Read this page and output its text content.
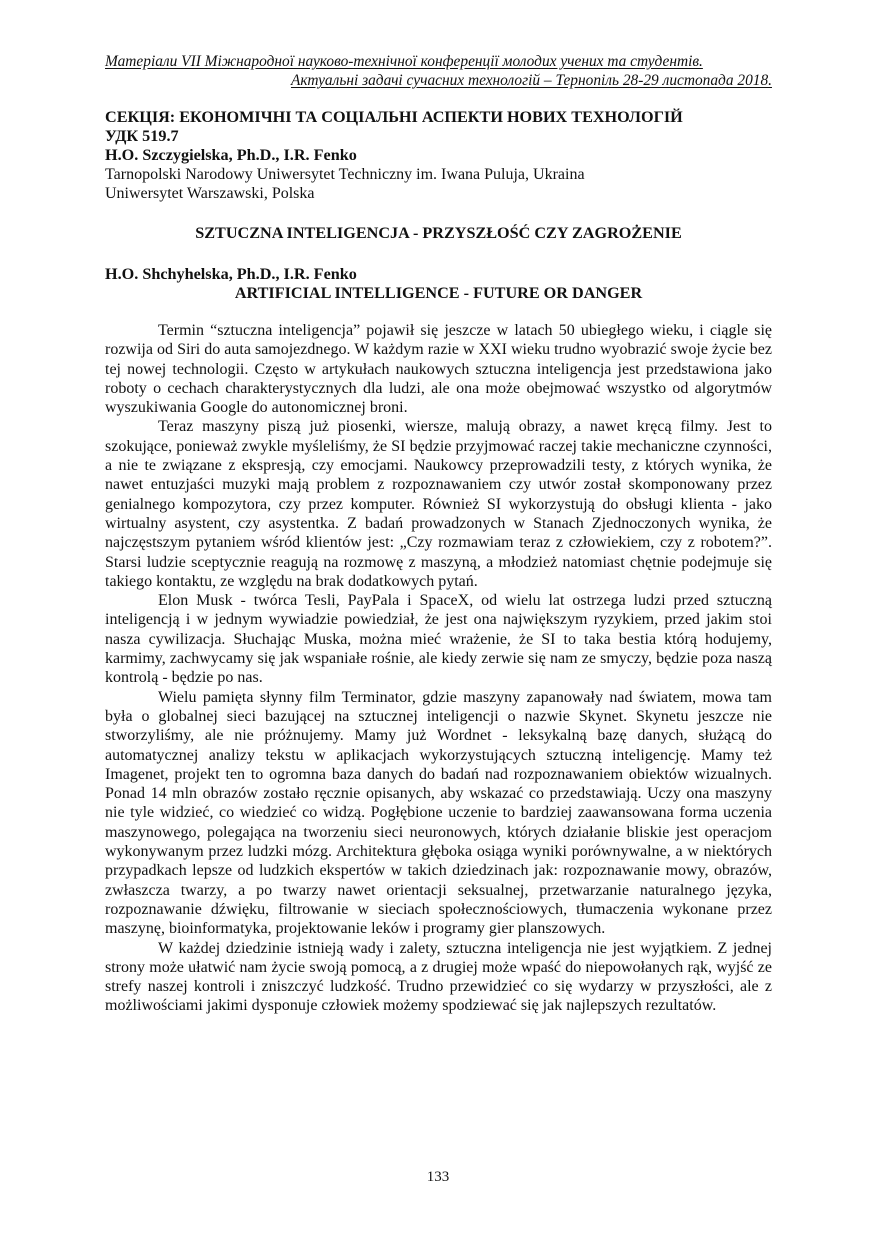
Матеріали VII Міжнародної науково-технічної конференції молодих учених та студентів.
Актуальні задачі сучасних технологій – Тернопіль 28-29 листопада 2018.
СЕКЦІЯ: ЕКОНОМІЧНІ ТА СОЦІАЛЬНІ АСПЕКТИ НОВИХ ТЕХНОЛОГІЙ
УДК 519.7
H.O. Szczygielska, Ph.D., I.R. Fenko
Tarnopolski Narodowy Uniwersytet Techniczny im. Iwana Puluja, Ukraina
Uniwersytet Warszawski, Polska
SZTUCZNA INTELIGENCJA - PRZYSZŁOŚĆ CZY ZAGROŻENIE
H.O. Shchyhelska, Ph.D., I.R. Fenko
ARTIFICIAL INTELLIGENCE - FUTURE OR DANGER

Termin “sztuczna inteligencja” pojawił się jeszcze w latach 50 ubiegłego wieku, i ciągle się rozwija od Siri do auta samojezdnego. W każdym razie w XXI wieku trudno wyobrazić swoje życie bez tej nowej technologii. Często w artykułach naukowych sztuczna inteligencja jest przedstawiona jako roboty o cechach charakterystycznych dla ludzi, ale ona może obejmować wszystko od algorytmów wyszukiwania Google do autonomicznej broni.

Teraz maszyny piszą już piosenki, wiersze, malują obrazy, a nawet kręcą filmy. Jest to szokujące, ponieważ zwykle myśleliśmy, że SI będzie przyjmować raczej takie mechaniczne czynności, a nie te związane z ekspresją, czy emocjami. Naukowcy przeprowadzili testy, z których wynika, że nawet entuzjaści muzyki mają problem z rozpoznawaniem czy utwór został skomponowany przez genialnego kompozytora, czy przez komputer. Również SI wykorzystują do obsługi klienta - jako wirtualny asystent, czy asystentka. Z badań prowadzonych w Stanach Zjednoczonych wynika, że najczęstszym pytaniem wśród klientów jest: „Czy rozmawiam teraz z człowiekiem, czy z robotem?”. Starsi ludzie sceptycznie reagują na rozmowę z maszyną, a młodzież natomiast chętnie podejmuje się takiego kontaktu, ze względu na brak dodatkowych pytań.

Elon Musk - twórca Tesli, PayPala i SpaceX, od wielu lat ostrzega ludzi przed sztuczną inteligencją i w jednym wywiadzie powiedział, że jest ona największym ryzykiem, przed jakim stoi nasza cywilizacja. Słuchając Muska, można mieć wrażenie, że SI to taka bestia którą hodujemy, karmimy, zachwycamy się jak wspaniałe rośnie, ale kiedy zerwie się nam ze smyczy, będzie poza naszą kontrolą - będzie po nas.

Wielu pamięta słynny film Terminator, gdzie maszyny zapanowały nad światem, mowa tam była o globalnej sieci bazującej na sztucznej inteligencji o nazwie Skynet. Skynetu jeszcze nie stworzyliśmy, ale nie próżnujemy. Mamy już Wordnet - leksykalną bazę danych, służącą do automatycznej analizy tekstu w aplikacjach wykorzystujących sztuczną inteligencję. Mamy też Imagenet, projekt ten to ogromna baza danych do badań nad rozpoznawaniem obiektów wizualnych. Ponad 14 mln obrazów zostało ręcznie opisanych, aby wskazać co przedstawiają. Uczy ona maszyny nie tyle widzieć, co wiedzieć co widzą. Pogłębione uczenie to bardziej zaawansowana forma uczenia maszynowego, polegająca na tworzeniu sieci neuronowych, których działanie bliskie jest operacjom wykonywanym przez ludzki mózg. Architektura głęboka osiąga wyniki porównywalne, a w niektórych przypadkach lepsze od ludzkich ekspertów w takich dziedzinach jak: rozpoznawanie mowy, obrazów, zwłaszcza twarzy, a po twarzy nawet orientacji seksualnej, przetwarzanie naturalnego języka, rozpoznawanie dźwięku, filtrowanie w sieciach społecznościowych, tłumaczenia wykonane przez maszynę, bioinformatyka, projektowanie leków i programy gier planszowych.

W każdej dziedzinie istnieją wady i zalety, sztuczna inteligencja nie jest wyjątkiem. Z jednej strony może ułatwić nam życie swoją pomocą, a z drugiej może wpaść do niepowołanych rąk, wyjść ze strefy naszej kontroli i zniszczyć ludzkość. Trudno przewidzieć co się wydarzy w przyszłości, ale z możliwościami jakimi dysponuje człowiek możemy spodziewać się jak najlepszych rezultatów.

133
